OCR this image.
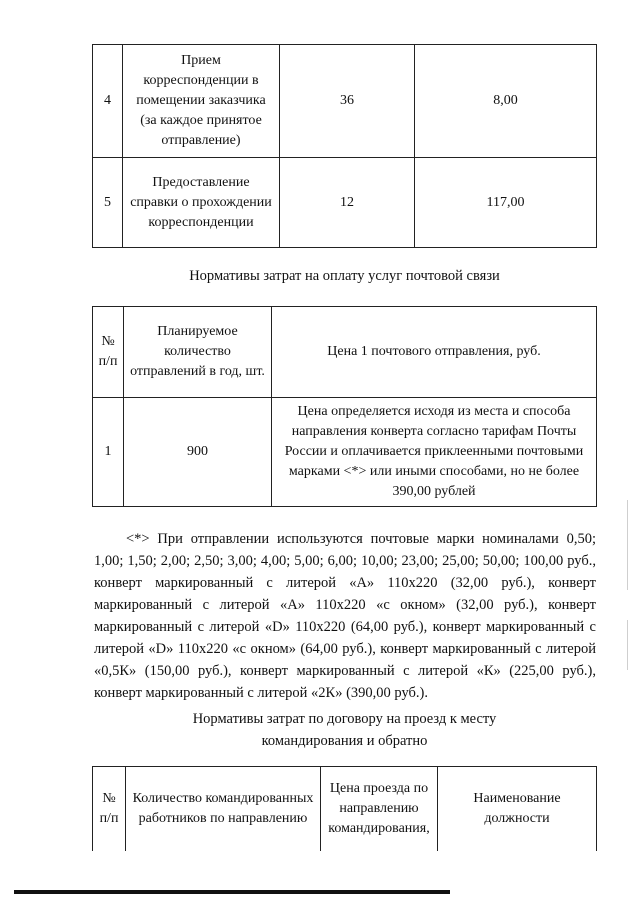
4	Прием корреспонденции в помещении заказчика (за каждое принятое отправление)	36	8,00
5	Предоставление справки о прохождении корреспонденции	12	117,00
Нормативы затрат на оплату услуг почтовой связи
№ п/п	Планируемое количество отправлений в год, шт.	Цена 1 почтового отправления, руб.
1	900	Цена определяется исходя из места и способа направления конверта согласно тарифам Почты России и оплачивается приклеенными почтовыми марками <*> или иными способами, но не более 390,00 рублей
<*> При отправлении используются почтовые марки номиналами 0,50; 1,00; 1,50; 2,00; 2,50; 3,00; 4,00; 5,00; 6,00; 10,00; 23,00; 25,00; 50,00; 100,00 руб., конверт маркированный с литерой «А» 110х220 (32,00 руб.), конверт маркированный с литерой «А» 110х220 «с окном» (32,00 руб.), конверт маркированный с литерой «D» 110х220 (64,00 руб.), конверт маркированный с литерой «D» 110х220 «с окном» (64,00 руб.), конверт маркированный с литерой «0,5К» (150,00 руб.), конверт маркированный с литерой «К» (225,00 руб.), конверт маркированный с литерой «2К» (390,00 руб.).
Нормативы затрат по договору на проезд к месту
командирования и обратно
№ п/п	Количество командированных работников по направлению	Цена проезда по направлению командирования,	Наименование должности
